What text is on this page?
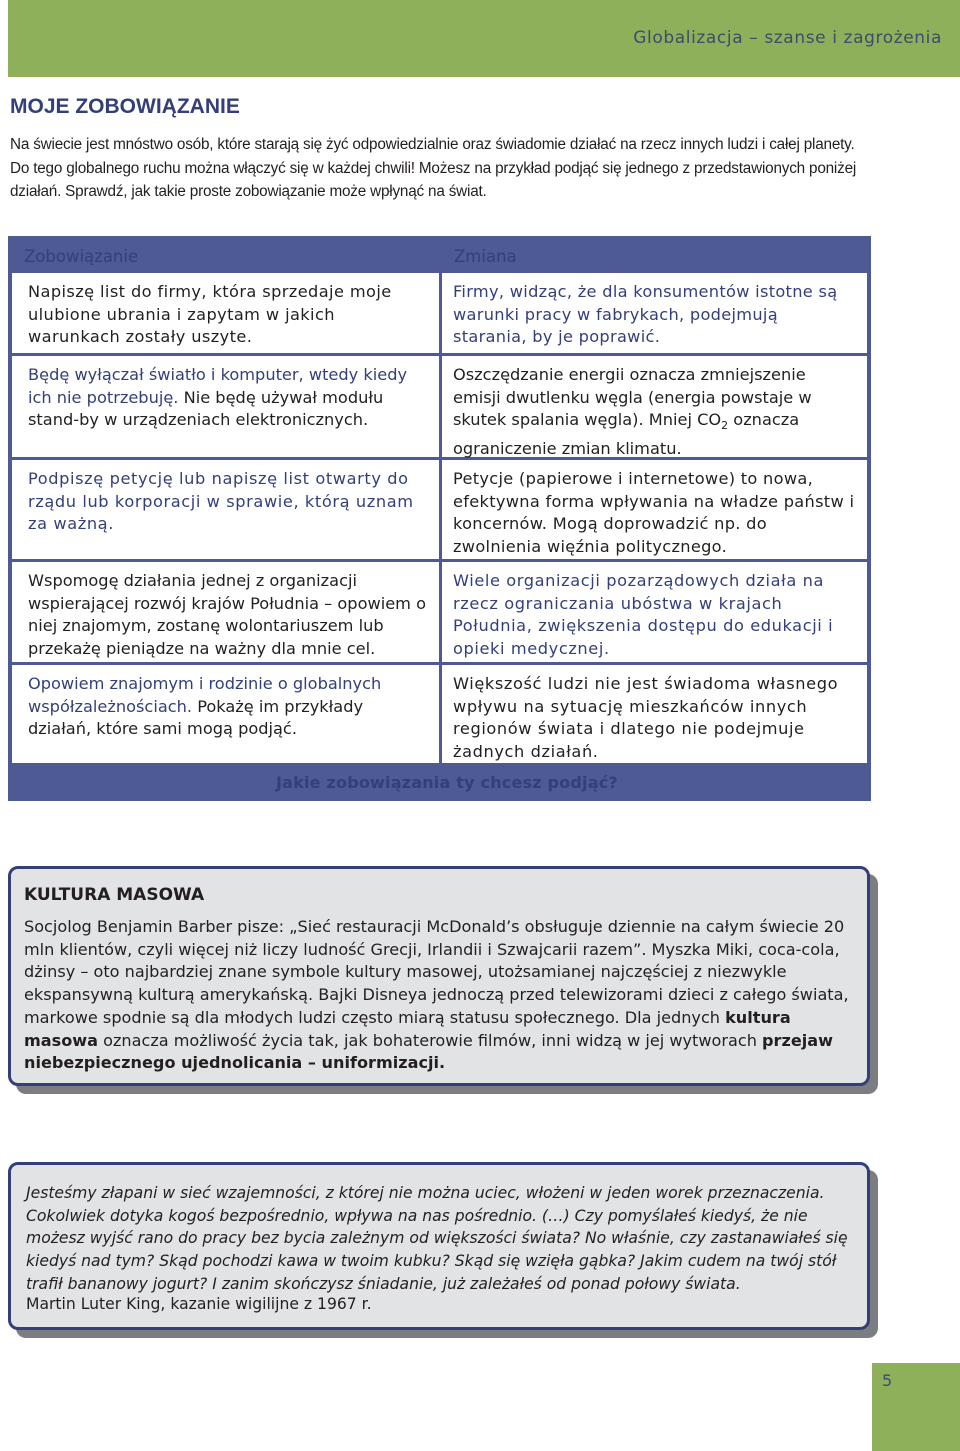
Globalizacja – szanse i zagrożenia
MOJE ZOBOWIĄZANIE
Na świecie jest mnóstwo osób, które starają się żyć odpowiedzialnie oraz świadomie działać na rzecz innych ludzi i całej planety. Do tego globalnego ruchu można włączyć się w każdej chwili! Możesz na przykład podjąć się jednego z przedstawionych poniżej działań. Sprawdź, jak takie proste zobowiązanie może wpłynąć na świat.
Zobowiązanie	Zmiana
Napiszę list do firmy, która sprzedaje moje ulubione ubrania i zapytam w jakich warunkach zostały uszyte.
Firmy, widząc, że dla konsumentów istotne są warunki pracy w fabrykach, podejmują starania, by je poprawić.
Będę wyłączał światło i komputer, wtedy kiedy ich nie potrzebuję. Nie będę używał modułu stand-by w urządzeniach elektronicznych.
Oszczędzanie energii oznacza zmniejszenie emisji dwutlenku węgla (energia powstaje w skutek spalania węgla). Mniej $CO_2$ oznacza ograniczenie zmian klimatu.
Podpiszę petycję lub napiszę list otwarty do rządu lub korporacji w sprawie, którą uznam za ważną.
Petycje (papierowe i internetowe) to nowa, efektywna forma wpływania na władze państw i koncernów. Mogą doprowadzić np. do zwolnienia więźnia politycznego.
Wspomogę działania jednej z organizacji wspierającej rozwój krajów Południa – opowiem o niej znajomym, zostanę wolontariuszem lub przekażę pieniądze na ważny dla mnie cel.
Wiele organizacji pozarządowych działa na rzecz ograniczania ubóstwa w krajach Południa, zwiększenia dostępu do edukacji i opieki medycznej.
Opowiem znajomym i rodzinie o globalnych współzależnościach. Pokażę im przykłady działań, które sami mogą podjąć.
Większość ludzi nie jest świadoma własnego wpływu na sytuację mieszkańców innych regionów świata i dlatego nie podejmuje żadnych działań.
Jakie zobowiązania ty chcesz podjąć?
KULTURA MASOWA
Socjolog Benjamin Barber pisze: „Sieć restauracji McDonald’s obsługuje dziennie na całym świecie 20 mln klientów, czyli więcej niż liczy ludność Grecji, Irlandii i Szwajcarii razem”. Myszka Miki, coca-cola, dżinsy – oto najbardziej znane symbole kultury masowej, utożsamianej najczęściej z niezwykle ekspansywną kulturą amerykańską. Bajki Disneya jednoczą przed telewizorami dzieci z całego świata, markowe spodnie są dla młodych ludzi często miarą statusu społecznego. Dla jednych kultura masowa oznacza możliwość życia tak, jak bohaterowie filmów, inni widzą w jej wytworach przejaw niebezpiecznego ujednolicania – uniformizacji.
Jesteśmy złapani w sieć wzajemności, z której nie można uciec, włożeni w jeden worek przeznaczenia. Cokolwiek dotyka kogoś bezpośrednio, wpływa na nas pośrednio. (…) Czy pomyślałeś kiedyś, że nie możesz wyjść rano do pracy bez bycia zależnym od większości świata? No właśnie, czy zastanawiałeś się kiedyś nad tym? Skąd pochodzi kawa w twoim kubku? Skąd się wzięła gąbka? Jakim cudem na twój stół trafił bananowy jogurt? I zanim skończysz śniadanie, już zależałeś od ponad połowy świata.
Martin Luter King, kazanie wigilijne z 1967 r.
5
